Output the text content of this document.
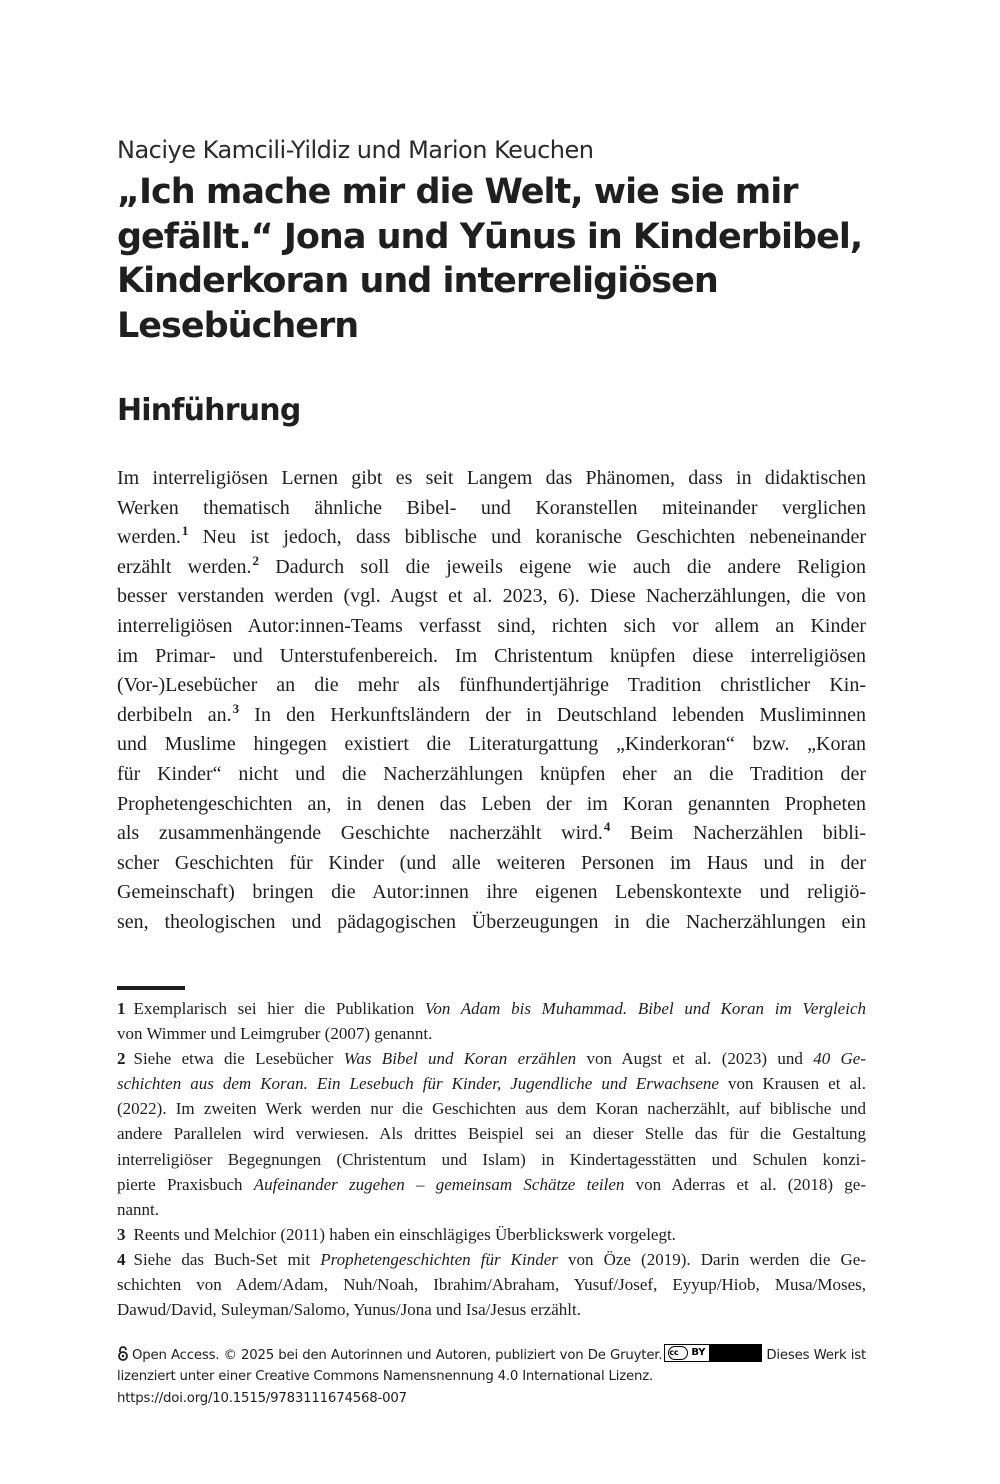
Naciye Kamcili-Yildiz und Marion Keuchen
„Ich mache mir die Welt, wie sie mir
gefällt.“ Jona und Yūnus in Kinderbibel,
Kinderkoran und interreligiösen
Lesebüchern
Hinführung
Im interreligiösen Lernen gibt es seit Langem das Phänomen, dass in didaktischen
Werken thematisch ähnliche Bibel- und Koranstellen miteinander verglichen
werden.$^1$ Neu ist jedoch, dass biblische und koranische Geschichten nebeneinander
erzählt werden.$^2$ Dadurch soll die jeweils eigene wie auch die andere Religion
besser verstanden werden (vgl. Augst et al. 2023, 6). Diese Nacherzählungen, die von
interreligiösen Autor:innen-Teams verfasst sind, richten sich vor allem an Kinder
im Primar- und Unterstufenbereich. Im Christentum knüpfen diese interreligiösen
(Vor-)Lesebücher an die mehr als fünfhundertjährige Tradition christlicher Kin-
derbibeln an.$^3$ In den Herkunftsländern der in Deutschland lebenden Musliminnen
und Muslime hingegen existiert die Literaturgattung „Kinderkoran“ bzw. „Koran
für Kinder“ nicht und die Nacherzählungen knüpfen eher an die Tradition der
Prophetengeschichten an, in denen das Leben der im Koran genannten Propheten
als zusammenhängende Geschichte nacherzählt wird.$^4$ Beim Nacherzählen bibli-
scher Geschichten für Kinder (und alle weiteren Personen im Haus und in der
Gemeinschaft) bringen die Autor:innen ihre eigenen Lebenskontexte und religiö-
sen, theologischen und pädagogischen Überzeugungen in die Nacherzählungen ein
1 Exemplarisch sei hier die Publikation Von Adam bis Muhammad. Bibel und Koran im Vergleich
von Wimmer und Leimgruber (2007) genannt.
2 Siehe etwa die Lesebücher Was Bibel und Koran erzählen von Augst et al. (2023) und 40 Ge-
schichten aus dem Koran. Ein Lesebuch für Kinder, Jugendliche und Erwachsene von Krausen et al.
(2022). Im zweiten Werk werden nur die Geschichten aus dem Koran nacherzählt, auf biblische und
andere Parallelen wird verwiesen. Als drittes Beispiel sei an dieser Stelle das für die Gestaltung
interreligiöser Begegnungen (Christentum und Islam) in Kindertagesstätten und Schulen konzi-
pierte Praxisbuch Aufeinander zugehen – gemeinsam Schätze teilen von Aderras et al. (2018) ge-
nannt.
3 Reents und Melchior (2011) haben ein einschlägiges Überblickswerk vorgelegt.
4 Siehe das Buch-Set mit Prophetengeschichten für Kinder von Öze (2019). Darin werden die Ge-
schichten von Adem/Adam, Nuh/Noah, Ibrahim/Abraham, Yusuf/Josef, Eyyup/Hiob, Musa/Moses,
Dawud/David, Suleyman/Salomo, Yunus/Jona und Isa/Jesus erzählt.
Open Access. © 2025 bei den Autorinnen und Autoren, publiziert von De Gruyter. cc	BY	Dieses Werk ist
lizenziert unter einer Creative Commons Namensnennung 4.0 International Lizenz.
https://doi.org/10.1515/9783111674568-007
